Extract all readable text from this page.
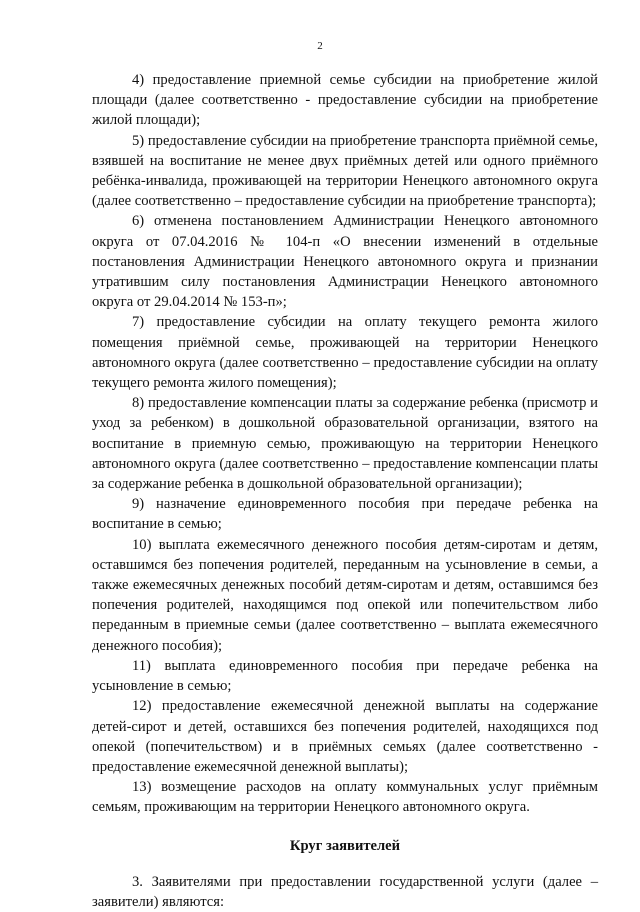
2

4) предоставление приемной семье субсидии на приобретение жилой площади (далее соответственно - предоставление субсидии на приобретение жилой площади);

5) предоставление субсидии на приобретение транспорта приёмной семье, взявшей на воспитание не менее двух приёмных детей или одного приёмного ребёнка-инвалида, проживающей на территории Ненецкого автономного округа (далее соответственно – предоставление субсидии на приобретение транспорта);

6) отменена постановлением Администрации Ненецкого автономного округа от 07.04.2016 № 104-п «О внесении изменений в отдельные постановления Администрации Ненецкого автономного округа и признании утратившим силу постановления Администрации Ненецкого автономного округа от 29.04.2014 № 153-п»;

7) предоставление субсидии на оплату текущего ремонта жилого помещения приёмной семье, проживающей на территории Ненецкого автономного округа (далее соответственно – предоставление субсидии на оплату текущего ремонта жилого помещения);

8) предоставление компенсации платы за содержание ребенка (присмотр и уход за ребенком) в дошкольной образовательной организации, взятого на воспитание в приемную семью, проживающую на территории Ненецкого автономного округа (далее соответственно – предоставление компенсации платы за содержание ребенка в дошкольной образовательной организации);

9) назначение единовременного пособия при передаче ребенка на воспитание в семью;

10) выплата ежемесячного денежного пособия детям-сиротам и детям, оставшимся без попечения родителей, переданным на усыновление в семьи, а также ежемесячных денежных пособий детям-сиротам и детям, оставшимся без попечения родителей, находящимся под опекой или попечительством либо переданным в приемные семьи (далее соответственно – выплата ежемесячного денежного пособия);

11) выплата единовременного пособия при передаче ребенка на усыновление в семью;

12) предоставление ежемесячной денежной выплаты на содержание детей-сирот и детей, оставшихся без попечения родителей, находящихся под опекой (попечительством) и в приёмных семьях (далее соответственно - предоставление ежемесячной денежной выплаты);

13) возмещение расходов на оплату коммунальных услуг приёмным семьям, проживающим на территории Ненецкого автономного округа.

Круг заявителей

3. Заявителями при предоставлении государственной услуги (далее – заявители) являются:
